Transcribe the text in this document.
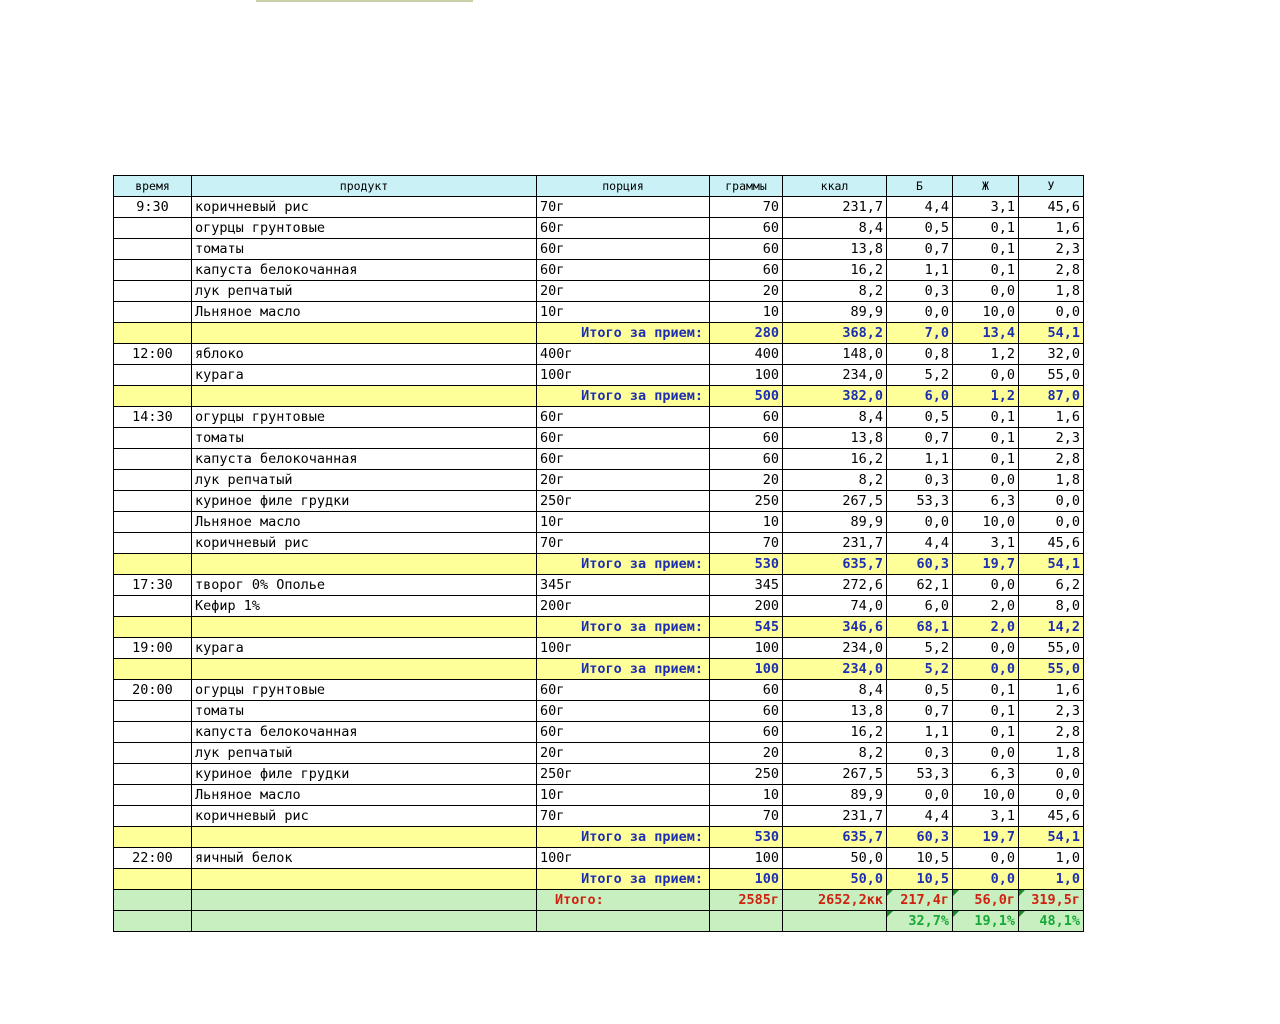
время	продукт	порция	граммы	ккал	Б	Ж	У
9:30	коричневый рис	70г	70	231,7	4,4	3,1	45,6
	огурцы грунтовые	60г	60	8,4	0,5	0,1	1,6
	томаты	60г	60	13,8	0,7	0,1	2,3
	капуста белокочанная	60г	60	16,2	1,1	0,1	2,8
	лук репчатый	20г	20	8,2	0,3	0,0	1,8
	Льняное масло	10г	10	89,9	0,0	10,0	0,0
		Итого за прием:	280	368,2	7,0	13,4	54,1
12:00	яблоко	400г	400	148,0	0,8	1,2	32,0
	курага	100г	100	234,0	5,2	0,0	55,0
		Итого за прием:	500	382,0	6,0	1,2	87,0
14:30	огурцы грунтовые	60г	60	8,4	0,5	0,1	1,6
	томаты	60г	60	13,8	0,7	0,1	2,3
	капуста белокочанная	60г	60	16,2	1,1	0,1	2,8
	лук репчатый	20г	20	8,2	0,3	0,0	1,8
	куриное филе грудки	250г	250	267,5	53,3	6,3	0,0
	Льняное масло	10г	10	89,9	0,0	10,0	0,0
	коричневый рис	70г	70	231,7	4,4	3,1	45,6
		Итого за прием:	530	635,7	60,3	19,7	54,1
17:30	творог 0% Ополье	345г	345	272,6	62,1	0,0	6,2
	Кефир 1%	200г	200	74,0	6,0	2,0	8,0
		Итого за прием:	545	346,6	68,1	2,0	14,2
19:00	курага	100г	100	234,0	5,2	0,0	55,0
		Итого за прием:	100	234,0	5,2	0,0	55,0
20:00	огурцы грунтовые	60г	60	8,4	0,5	0,1	1,6
	томаты	60г	60	13,8	0,7	0,1	2,3
	капуста белокочанная	60г	60	16,2	1,1	0,1	2,8
	лук репчатый	20г	20	8,2	0,3	0,0	1,8
	куриное филе грудки	250г	250	267,5	53,3	6,3	0,0
	Льняное масло	10г	10	89,9	0,0	10,0	0,0
	коричневый рис	70г	70	231,7	4,4	3,1	45,6
		Итого за прием:	530	635,7	60,3	19,7	54,1
22:00	яичный белок	100г	100	50,0	10,5	0,0	1,0
		Итого за прием:	100	50,0	10,5	0,0	1,0
		Итого:	2585г	2652,2кк	217,4г	56,0г	319,5г
					32,7%	19,1%	48,1%
